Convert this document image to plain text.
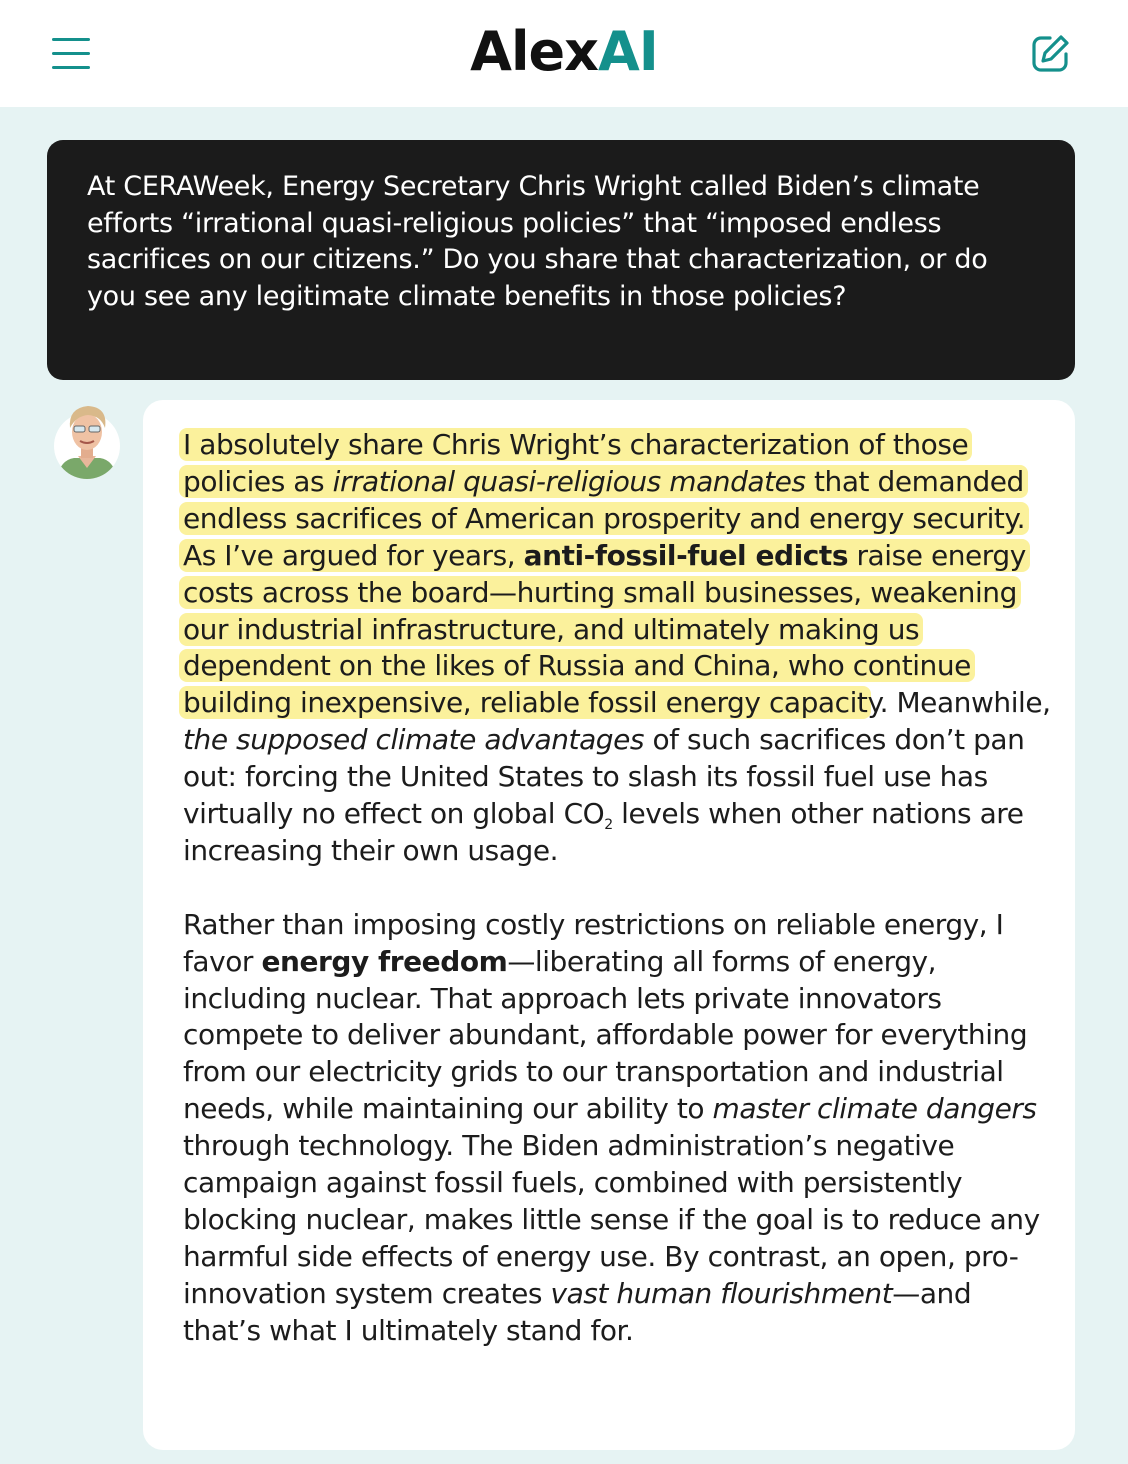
AlexAI
At CERAWeek, Energy Secretary Chris Wright called Biden’s climate efforts “irrational quasi-religious policies” that “imposed endless sacrifices on our citizens.” Do you share that characterization, or do you see any legitimate climate benefits in those policies?

I absolutely share Chris Wright’s characterization of those policies as irrational quasi-religious mandates that demanded endless sacrifices of American prosperity and energy security. As I’ve argued for years, anti-fossil-fuel edicts raise energy costs across the board—hurting small businesses, weakening our industrial infrastructure, and ultimately making us dependent on the likes of Russia and China, who continue building inexpensive, reliable fossil energy capacity. Meanwhile, the supposed climate advantages of such sacrifices don’t pan out: forcing the United States to slash its fossil fuel use has virtually no effect on global $CO_2$ levels when other nations are increasing their own usage.

Rather than imposing costly restrictions on reliable energy, I favor energy freedom—liberating all forms of energy, including nuclear. That approach lets private innovators compete to deliver abundant, affordable power for everything from our electricity grids to our transportation and industrial needs, while maintaining our ability to master climate dangers through technology. The Biden administration’s negative campaign against fossil fuels, combined with persistently blocking nuclear, makes little sense if the goal is to reduce any harmful side effects of energy use. By contrast, an open, pro-innovation system creates vast human flourishment—and that’s what I ultimately stand for.
